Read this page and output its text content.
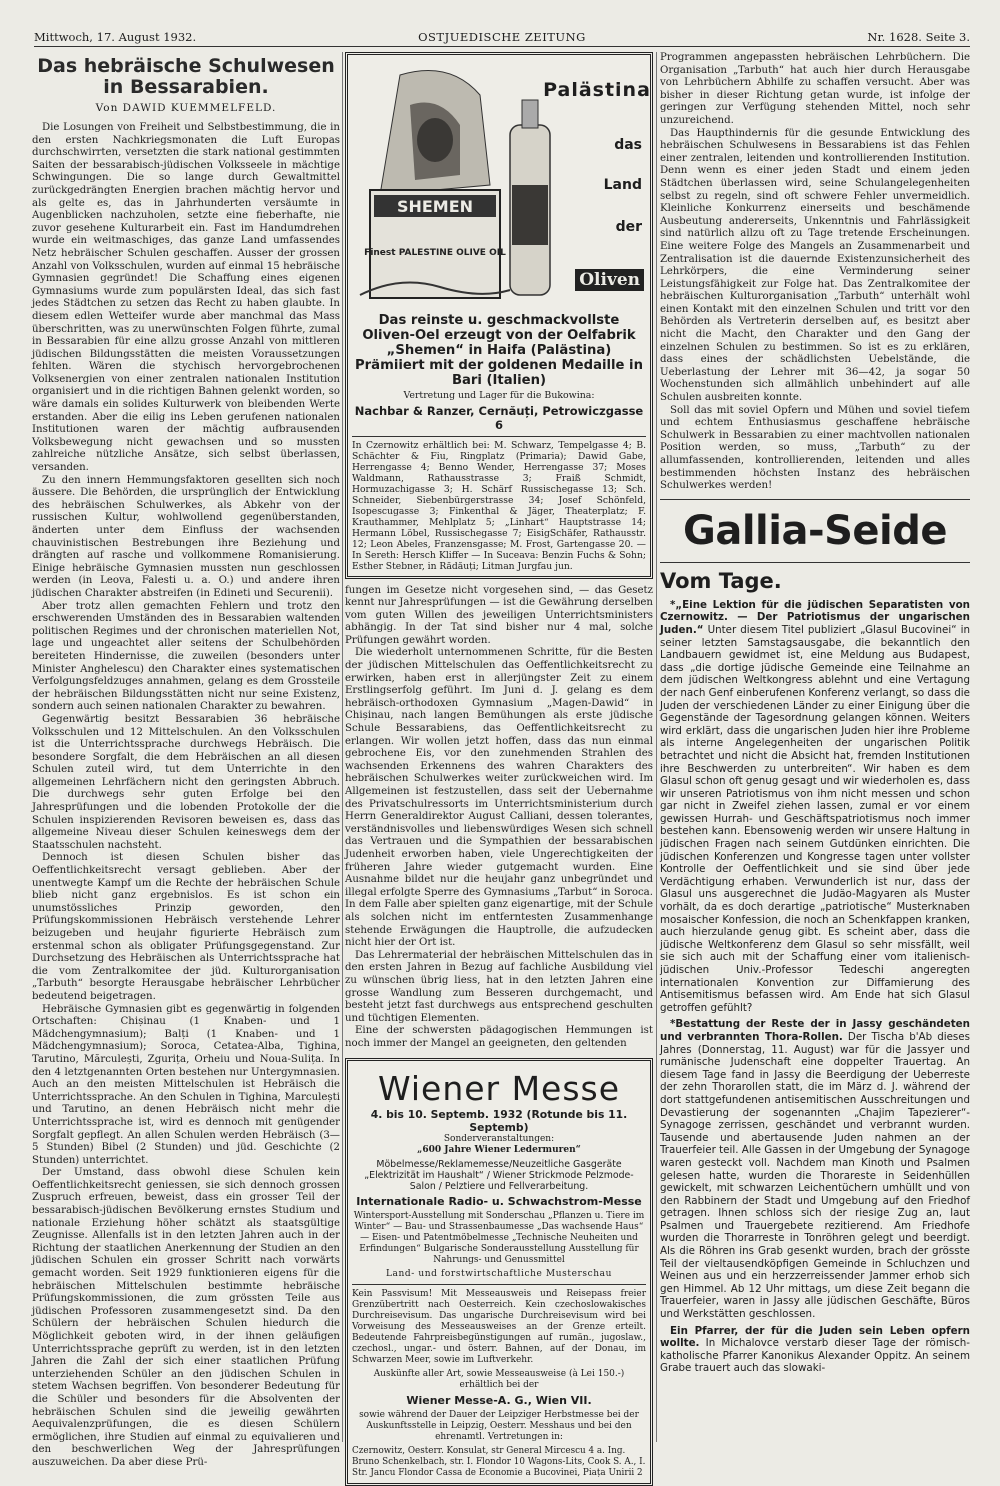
Mittwoch, 17. August 1932.	OSTJUEDISCHE ZEITUNG	Nr. 1628. Seite 3.
Das hebräische Schulwesen
in Bessarabien.
Von DAWID KUEMMELFELD.

Die Losungen von Freiheit und Selbstbestimmung, die in den ersten Nachkriegsmonaten die Luft Europas durchschwirrten, versetzten die stark national gestimmten Saiten der bessarabisch-jüdischen Volksseele in mächtige Schwingungen. Die so lange durch Gewaltmittel zurückgedrängten Energien brachen mächtig hervor und als gelte es, das in Jahrhunderten versäumte in Augenblicken nachzuholen, setzte eine fieberhafte, nie zuvor gesehene Kulturarbeit ein. Fast im Handumdrehen wurde ein weitmaschiges, das ganze Land umfassendes Netz hebräischer Schulen geschaffen. Ausser der grossen Anzahl von Volksschulen, wurden auf einmal 15 hebräische Gymnasien gegründet! Die Schaffung eines eigenen Gymnasiums wurde zum populärsten Ideal, das sich fast jedes Städtchen zu setzen das Recht zu haben glaubte. In diesem edlen Wetteifer wurde aber manchmal das Mass überschritten, was zu unerwünschten Folgen führte, zumal in Bessarabien für eine allzu grosse Anzahl von mittleren jüdischen Bildungsstätten die meisten Voraussetzungen fehlten. Wären die stychisch hervorgebrochenen Volksenergien von einer zentralen nationalen Institution organisiert und in die richtigen Bahnen gelenkt worden, so wäre damals ein solides Kulturwerk von bleibenden Werte erstanden. Aber die eilig ins Leben gerufenen nationalen Institutionen waren der mächtig aufbrausenden Volksbewegung nicht gewachsen und so mussten zahlreiche nützliche Ansätze, sich selbst überlassen, versanden.

Zu den innern Hemmungsfaktoren gesellten sich noch äussere. Die Behörden, die ursprünglich der Entwicklung des hebräischen Schulwerkes, als Abkehr von der russischen Kultur, wohlwollend gegenüberstanden, änderten unter dem Einfluss der wachsenden chauvinistischen Bestrebungen ihre Beziehung und drängten auf rasche und vollkommene Romanisierung. Einige hebräische Gymnasien mussten nun geschlossen werden (in Leova, Falesti u. a. O.) und andere ihren jüdischen Charakter abstreifen (in Edineti und Securenii).

Aber trotz allen gemachten Fehlern und trotz den erschwerenden Umständen des in Bessarabien waltenden politischen Regimes und der chronischen materiellen Not, lage und ungeachtet aller seitens der Schulbehörden bereiteten Hindernisse, die zuweilen (besonders unter Minister Anghelescu) den Charakter eines systematischen Verfolgungsfeldzuges annahmen, gelang es dem Grossteile der hebräischen Bildungsstätten nicht nur seine Existenz, sondern auch seinen nationalen Charakter zu bewahren.

Gegenwärtig besitzt Bessarabien 36 hebräische Volksschulen und 12 Mittelschulen. An den Volksschulen ist die Unterrichtssprache durchwegs Hebräisch. Die besondere Sorgfalt, die dem Hebräischen an all diesen Schulen zuteil wird, tut dem Unterrichte in den allgemeinen Lehrfächern nicht den geringsten Abbruch. Die durchwegs sehr guten Erfolge bei den Jahresprüfungen und die lobenden Protokolle der die Schulen inspizierenden Revisoren beweisen es, dass das allgemeine Niveau dieser Schulen keineswegs dem der Staatsschulen nachsteht.

Dennoch ist diesen Schulen bisher das Oeffentlichkeitsrecht versagt geblieben. Aber der unentwegte Kampf um die Rechte der hebräischen Schule blieb nicht ganz ergebnislos. Es ist schon ein unumstössliches Prinzip geworden, den Prüfungskommissionen Hebräisch verstehende Lehrer beizugeben und heujahr figurierte Hebräisch zum erstenmal schon als obligater Prüfungsgegenstand. Zur Durchsetzung des Hebräischen als Unterrichtssprache hat die vom Zentralkomitee der jüd. Kulturorganisation „Tarbuth“ besorgte Herausgabe hebräischer Lehrbücher bedeutend beigetragen.

Hebräische Gymnasien gibt es gegenwärtig in folgenden Ortschaften: Chișinau (1 Knaben- und 1 Mädchengymnasium); Balți (1 Knaben- und 1 Mädchengymnasium); Soroca, Cetatea-Alba, Tighina, Tarutino, Mărculești, Zgurița, Orheiu und Noua-Sulița. In den 4 letztgenannten Orten bestehen nur Untergymnasien. Auch an den meisten Mittelschulen ist Hebräisch die Unterrichtssprache. An den Schulen in Tighina, Marculești und Tarutino, an denen Hebräisch nicht mehr die Unterrichtssprache ist, wird es dennoch mit genügender Sorgfalt gepflegt. An allen Schulen werden Hebräisch (3—5 Stunden) Bibel (2 Stunden) und jüd. Geschichte (2 Stunden) unterrichtet.

Der Umstand, dass obwohl diese Schulen kein Oeffentlichkeitsrecht geniessen, sie sich dennoch grossen Zuspruch erfreuen, beweist, dass ein grosser Teil der bessarabisch-jüdischen Bevölkerung ernstes Studium und nationale Erziehung höher schätzt als staatsgültige Zeugnisse. Allenfalls ist in den letzten Jahren auch in der Richtung der staatlichen Anerkennung der Studien an den jüdischen Schulen ein grosser Schritt nach vorwärts gemacht worden. Seit 1929 funktionieren eigens für die hebräischen Mittelschulen bestimmte hebräische Prüfungskommissionen, die zum grössten Teile aus jüdischen Professoren zusammengesetzt sind. Da den Schülern der hebräischen Schulen hiedurch die Möglichkeit geboten wird, in der ihnen geläufigen Unterrichtssprache geprüft zu werden, ist in den letzten Jahren die Zahl der sich einer staatlichen Prüfung unterziehenden Schüler an den jüdischen Schulen in stetem Wachsen begriffen. Von besonderer Bedeutung für die Schüler und besonders für die Absolventen der hebräischen Schulen sind die jeweilig gewährten Aequivalenzprüfungen, die es diesen Schülern ermöglichen, ihre Studien auf einmal zu equivalieren und den beschwerlichen Weg der Jahresprüfungen auszuweichen. Da aber diese Prü-

SHEMEN
Finest PALESTINE OLIVE OIL
Palästina
das
Land
der
Oliven
Das reinste u. geschmackvollste Oliven-Oel erzeugt von der Oelfabrik „Shemen“ in Haifa (Palästina) Prämiiert mit der goldenen Medaille in Bari (Italien)
Vertretung und Lager für die Bukowina:
Nachbar & Ranzer, Cernăuți, Petrowiczgasse 6
In Czernowitz erhältlich bei: M. Schwarz, Tempelgasse 4; B. Schächter & Fiu, Ringplatz (Primaria); Dawid Gabe, Herrengasse 4; Benno Wender, Herrengasse 37; Moses Waldmann, Rathausstrasse 3; Fraiß Schmidt, Hormuzachigasse 3; H. Schärf Russischegasse 13; Sch. Schneider, Siebenbürgerstrasse 34; Josef Schönfeld, Isopescugasse 3; Finkenthal & Jäger, Theaterplatz; F. Krauthammer, Mehlplatz 5; „Linhart“ Hauptstrasse 14; Hermann Löbel, Russischegasse 7; EisigSchäfer, Rathausstr. 12; Leon Abeles, Franzensgasse; M. Frost, Gartengasse 20. — In Sereth: Hersch Kliffer — In Suceava: Benzin Fuchs & Sohn; Esther Stebner, in Rădăuți; Litman Jurgfau jun.

fungen im Gesetze nicht vorgesehen sind, — das Gesetz kennt nur Jahresprüfungen — ist die Gewährung derselben vom guten Willen des jeweiligen Unterrichtsministers abhängig. In der Tat sind bisher nur 4 mal, solche Prüfungen gewährt worden.

Die wiederholt unternommenen Schritte, für die Besten der jüdischen Mittelschulen das Oeffentlichkeitsrecht zu erwirken, haben erst in allerjüngster Zeit zu einem Erstlingserfolg geführt. Im Juni d. J. gelang es dem hebräisch-orthodoxen Gymnasium „Magen-Dawid“ in Chișinau, nach langen Bemühungen als erste jüdische Schule Bessarabiens, das Oeffentlichkeitsrecht zu erlangen. Wir wollen jetzt hoffen, dass das nun einmal gebrochene Eis, vor den zunehmenden Strahlen des wachsenden Erkennens des wahren Charakters des hebräischen Schulwerkes weiter zurückweichen wird. Im Allgemeinen ist festzustellen, dass seit der Uebernahme des Privatschulressorts im Unterrichtsministerium durch Herrn Generaldirektor August Calliani, dessen tolerantes, verständnisvolles und liebenswürdiges Wesen sich schnell das Vertrauen und die Sympathien der bessarabischen Judenheit erworben haben, viele Ungerechtigkeiten der früheren Jahre wieder gutgemacht wurden. Eine Ausnahme bildet nur die heujahr ganz unbegründet und illegal erfolgte Sperre des Gymnasiums „Tarbut“ in Soroca. In dem Falle aber spielten ganz eigenartige, mit der Schule als solchen nicht im entferntesten Zusammenhange stehende Erwägungen die Hauptrolle, die aufzudecken nicht hier der Ort ist.

Das Lehrermaterial der hebräischen Mittelschulen das in den ersten Jahren in Bezug auf fachliche Ausbildung viel zu wünschen übrig liess, hat in den letzten Jahren eine grosse Wandlung zum Besseren durchgemacht, und besteht jetzt fast durchwegs aus entsprechend geschulten und tüchtigen Elementen.

Eine der schwersten pädagogischen Hemmungen ist noch immer der Mangel an geeigneten, den geltenden

Wiener Messe
4. bis 10. Septemb. 1932 (Rotunde bis 11. Septemb)
Sonderveranstaltungen:
„600 Jahre Wiener Ledermuren“
Möbelmesse/Reklamemesse/Neuzeitliche Gasgeräte „Elektrizität im Haushalt“ / Wiener Strickmode Pelzmode-Salon / Pelztiere und Fellverarbeitung.
Internationale Radio- u. Schwachstrom-Messe
Wintersport-Ausstellung mit Sonderschau „Pflanzen u. Tiere im Winter“ — Bau- und Strassenbaumesse „Das wachsende Haus“ — Eisen- und Patentmöbelmesse „Technische Neuheiten und Erfindungen“ Bulgarische Sonderausstellung Ausstellung für Nahrungs- und Genussmittel
Land- und forstwirtschaftliche Musterschau
Kein Passvisum! Mit Messeausweis und Reisepass freier Grenzübertritt nach Oesterreich. Kein czechoslowakisches Durchreisevisum. Das ungarische Durchreisevisum wird bei Vorweisung des Messeausweises an der Grenze erteilt. Bedeutende Fahrpreisbegünstigungen auf rumän., jugoslaw., czechosl., ungar.- und österr. Bahnen, auf der Donau, im Schwarzen Meer, sowie im Luftverkehr.
Auskünfte aller Art, sowie Messeausweise (à Lei 150.-) erhältlich bei der
Wiener Messe-A. G., Wien VII.
sowie während der Dauer der Leipziger Herbstmesse bei der Auskunftsstelle in Leipzig, Oesterr. Messhaus und bei den ehrenamtl. Vertretungen in:
Czernowitz, Oesterr. Konsulat, str General Mircescu 4 a. Ing. Bruno Schenkelbach, str. I. Flondor 10 Wagons-Lits, Cook S. A., I. Str. Jancu Flondor Cassa de Economie a Bucovinei, Piața Unirii 2

Programmen angepassten hebräischen Lehrbüchern. Die Organisation „Tarbuth“ hat auch hier durch Herausgabe von Lehrbüchern Abhilfe zu schaffen versucht. Aber was bisher in dieser Richtung getan wurde, ist infolge der geringen zur Verfügung stehenden Mittel, noch sehr unzureichend.

Das Haupthindernis für die gesunde Entwicklung des hebräischen Schulwesens in Bessarabiens ist das Fehlen einer zentralen, leitenden und kontrollierenden Institution. Denn wenn es einer jeden Stadt und einem jeden Städtchen überlassen wird, seine Schulangelegenheiten selbst zu regeln, sind oft schwere Fehler unvermeidlich. Kleinliche Konkurrenz einerseits und beschämende Ausbeutung andererseits, Unkenntnis und Fahrlässigkeit sind natürlich allzu oft zu Tage tretende Erscheinungen. Eine weitere Folge des Mangels an Zusammenarbeit und Zentralisation ist die dauernde Existenzunsicherheit des Lehrkörpers, die eine Verminderung seiner Leistungsfähigkeit zur Folge hat. Das Zentralkomitee der hebräischen Kulturorganisation „Tarbuth“ unterhält wohl einen Kontakt mit den einzelnen Schulen und tritt vor den Behörden als Vertreterin derselben auf, es besitzt aber nicht die Macht, den Charakter und den Gang der einzelnen Schulen zu bestimmen. So ist es zu erklären, dass eines der schädlichsten Uebelstände, die Ueberlastung der Lehrer mit 36—42, ja sogar 50 Wochenstunden sich allmählich unbehindert auf alle Schulen ausbreiten konnte.

Soll das mit soviel Opfern und Mühen und soviel tiefem und echtem Enthusiasmus geschaffene hebräische Schulwerk in Bessarabien zu einer machtvollen nationalen Position werden, so muss, „Tarbuth“ zu der allumfassenden, kontrollierenden, leitenden und alles bestimmenden höchsten Instanz des hebräischen Schulwerkes werden!

Gallia-Seide
Vom Tage.

*„Eine Lektion für die jüdischen Separatisten von Czernowitz. — Der Patriotismus der ungarischen Juden.“ Unter diesem Titel publiziert „Glasul Bucovinei“ in seiner letzten Samstagsausgabe, die bekanntlich den Landbauern gewidmet ist, eine Meldung aus Budapest, dass „die dortige jüdische Gemeinde eine Teilnahme an dem jüdischen Weltkongress ablehnt und eine Vertagung der nach Genf einberufenen Konferenz verlangt, so dass die Juden der verschiedenen Länder zu einer Einigung über die Gegenstände der Tagesordnung gelangen können. Weiters wird erklärt, dass die ungarischen Juden hier ihre Probleme als interne Angelegenheiten der ungarischen Politik betrachtet und nicht die Absicht hat, fremden Institutionen ihre Beschwerden zu unterbreiten“. Wir haben es dem Glasul schon oft genug gesagt und wir wiederholen es, dass wir unseren Patriotismus von ihm nicht messen und schon gar nicht in Zweifel ziehen lassen, zumal er vor einem gewissen Hurrah- und Geschäftspatriotismus noch immer bestehen kann. Ebensowenig werden wir unsere Haltung in jüdischen Fragen nach seinem Gutdünken einrichten. Die jüdischen Konferenzen und Kongresse tagen unter vollster Kontrolle der Oeffentlichkeit und sie sind über jede Verdächtigung erhaben. Verwunderlich ist nur, dass der Glasul uns ausgerechnet die Judäo-Magyaren als Muster vorhält, da es doch derartige „patriotische“ Musterknaben mosaischer Konfession, die noch an Schenkfappen kranken, auch hierzulande genug gibt. Es scheint aber, dass die jüdische Weltkonferenz dem Glasul so sehr missfällt, weil sie sich auch mit der Schaffung einer vom italienisch-jüdischen Univ.-Professor Tedeschi angeregten internationalen Konvention zur Diffamierung des Antisemitismus befassen wird. Am Ende hat sich Glasul getroffen gefühlt?

*Bestattung der Reste der in Jassy geschändeten und verbrannten Thora-Rollen. Der Tischa b'Ab dieses Jahres (Donnerstag, 11. August) war für die Jassyer und rumänische Judenschaft eine doppelter Trauertag. An diesem Tage fand in Jassy die Beerdigung der Ueberreste der zehn Thorarollen statt, die im März d. J. während der dort stattgefundenen antisemitischen Ausschreitungen und Devastierung der sogenannten „Chajim Tapezierer“-Synagoge zerrissen, geschändet und verbrannt wurden. Tausende und abertausende Juden nahmen an der Trauerfeier teil. Alle Gassen in der Umgebung der Synagoge waren gesteckt voll. Nachdem man Kinoth und Psalmen gelesen hatte, wurden die Thorareste in Seidenhüllen gewickelt, mit schwarzen Leichentüchern umhüllt und von den Rabbinern der Stadt und Umgebung auf den Friedhof getragen. Ihnen schloss sich der riesige Zug an, laut Psalmen und Trauergebete rezitierend. Am Friedhofe wurden die Thorarreste in Tonröhren gelegt und beerdigt. Als die Röhren ins Grab gesenkt wurden, brach der grösste Teil der vieltausendköpfigen Gemeinde in Schluchzen und Weinen aus und ein herzzerreissender Jammer erhob sich gen Himmel. Ab 12 Uhr mittags, um diese Zeit begann die Trauerfeier, waren in Jassy alle jüdischen Geschäfte, Büros und Werkstätten geschlossen.

Ein Pfarrer, der für die Juden sein Leben opfern wollte. In Michalovce verstarb dieser Tage der römisch-katholische Pfarrer Kanonikus Alexander Oppitz. An seinem Grabe trauert auch das slowaki-
